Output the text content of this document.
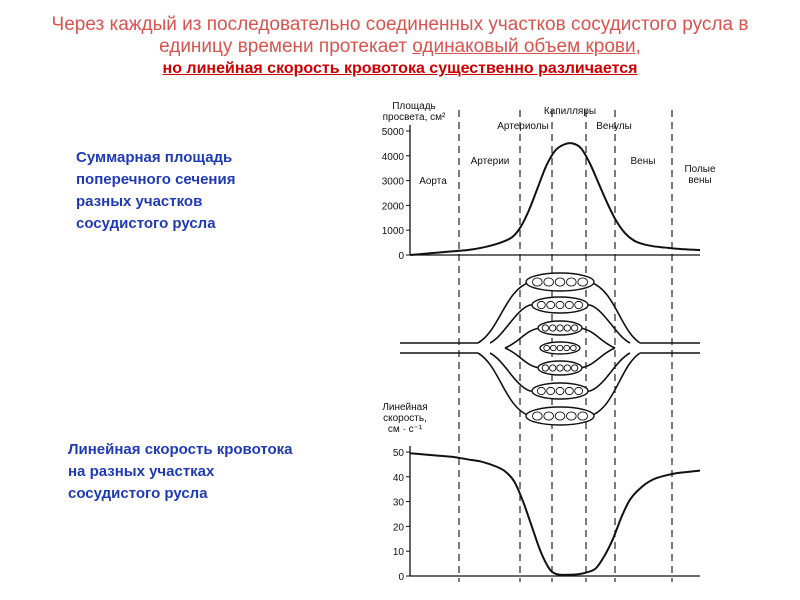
Через каждый из последовательно соединенных участков сосудистого русла в

единицу времени протекает одинаковый объем крови,

но линейная скорость кровотока существенно различается

Суммарная площадь
поперечного сечения
разных участков
сосудистого русла

Линейная скорость кровотока
на разных участках
сосудистого русла

0
1000
2000
3000
4000
5000
Площадь
просвета, см²
Аорта
Артерии
Артериолы
Капилляры
Венулы
Вены
Полые
вены
0
10
20
30
40
50
Линейная
скорость,
см · с⁻¹
